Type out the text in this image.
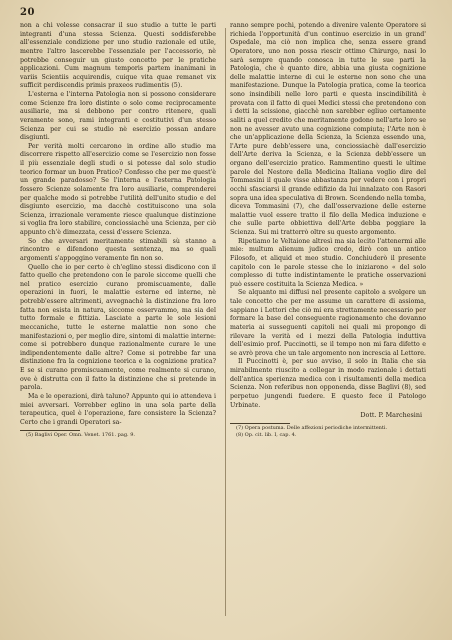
20

non a chi volesse consacrar il suo studio a tutte le parti integranti d'una stessa Scienza. Questi soddisferebbe all'essenziale condizione per uno studio razionale ed utile, mentre l'altro lascerebbe l'essenziale per l'accessorio, nè potrebbe conseguir un giusto concetto per le pratiche applicazioni. Cum magnum temporis partem inanimani in variis Scientiis acquirendis, cuique vita quae remanet vix sufficit perdiscendis primis praxeos rudimentis (5).

L'esterna e l'interna Patologia non si possono considerare come Scienze fra loro distinte o solo come reciprocamente ausiliarie, ma si debbono per contro ritenere, quali veramente sono, rami integranti e costitutivi d'un stesso Scienza per cui se studio nè esercìzio possan andare disgiunti.

Per verità molti cercarono in ordine allo studio ma discorrere rispetto all'esercizio come se l'esercizio non fosse il più essenziale degli studi o si potesse dal solo studio teorico formar un buon Pratico? Confesso che per me quest'è un grande paradosso? Se l'interna e l'esterna Patologia fossero Scienze solamente fra loro ausiliarie, comprenderei per qualche modo si potrebbe l'utilità dell'unito studio e del disgiunto esercizio, ma dacchè costituiscono una sola Scienza, irrazionale veramente riesce qualunque distinzione si voglia fra loro stabilire, conciossiachè una Scienza, per ciò appunto ch'è dimezzata, cessi d'essere Scienza.

So che avversari meritamente stimabili sù stanno a rincontro e difendono questa sentenza, ma so quali argomenti s'appoggino veramente fin non so.

Quello che io per certo è ch'eglino stessi disdicono con il fatto quello che pretendono con le parole siccome quelli che nel pratico esercizio curano promiscuamente, dalle operazioni in fuori, le malattie esterne ed interne, nè potrebb'essere altrimenti, avvegnachè la distinzione fra loro fatta non esista in natura, siccome osservammo, ma sia del tutto formale e fittizia. Lasciate a parte le sole lesioni meccaniche, tutte le esterne malattie non sono che manifestazioni o, per meglio dire, sintomi di malattie interne: come si potrebbero dunque razionalmente curare le une indipendentemente dalle altre? Come si potrebbe far una distinzione fra la cognizione teorica e la cognizione pratica? E se si curano promiscuamente, come realmente si curano, ove è distrutta con il fatto la distinzione che si pretende in parola.

Ma e le operazioni, dirà taluno? Appunto qui io attendeva i miei avversari. Vorrebber eglino in una sola parte della terapeutica, quel è l'operazione, fare consistere la Scienza? Certo che i grandi Operatori sa-

(5) Baglivi Oper. Omn. Venet. 1761. pag. 9.

ranno sempre pochi, potendo a divenire valente Operatore si richieda l'opportunità d'un continuo esercizio in un grand' Ospedale, ma ciò non implica che, senza essere grand Operatore, uno non possa riescir ottimo Chirurgo, nasi lo sarà sempre quando conosca in tutte le sue parti la Patologia, che è quanto dire, abbia una giusta cognizione delle malattie interne di cui le esterne non sono che una manifestazione. Dunque la Patologia pratica, come la teorica sono insindibili nelle loro parti e questa inscindibilità è provata con il fatto di quei Medici stessi che pretendono con i detti la scissione, giacchè non sarebber egliuo certamente saliti a quel credito che meritamente godono nell'arte loro se non ne avesser avuto una cognizione compiuta; l'Arte non è che un'applicazione della Scienza, la Scienza essendo una, l'Arte pure debb'essere una, conciossiachè dall'esercizio dell'Arte deriva la Scienza, e la Scienza debb'essere un organo dell'esercizio pratico. Rammentino questi le ultime parole del Nestore della Medicina Italiana voglio dire del Tommasini il quale visse abbastanza per vedere con i propri occhi sfasciarsi il grande edifizio da lui innalzato con Rasori sopra una idea speculativa di Brown. Scendendo nella tomba, diceva Tommasini (7), che dall'osservazione delle esterne malattie vuol essere tratto il filo della Medica induzione e che sulle parte obbiettiva dell'Arte debba poggiare la Scienza. Sui mi tratterrò oltre su questo argomento.

Ripetiamo le Veltaione altresì ma sia lecito l'attenermi alle mie: multum alienum judico credo, dirò con un antico Filosofo, et aliquid et meo studio. Conchiuderò il presente capitolo con le parole stesse che lo iniziarono « del solo complesso di tutte indistintamente le pratiche osservazioni può essere costituita la Scienza Medica. »

Se alquanto mi diffusi nel presente capitolo a svolgere un tale concetto che per me assume un carattere di assioma, sappiano i Lettori che ciò mi era strettamente necessario per formare la base del conseguente ragionamento che dovanno materia ai susseguenti capitoli nei quali mi propongo di rilevare la verità ed i mezzi della Patologia induttiva dell'esimio prof. Puccinotti, se il tempo non mi fara difetto e se avrò prova che un tale argomento non increscia al Lettore.

Il Puccinotti è, per suo avviso, il solo in Italia che sia mirabilmente riuscito a collegar in modo razionale i dettati dell'antica sperienza medica con i risultamenti della medica Scienza. Non referibus non opponenda, disse Baglivi (8), sed perpetuo jungendi fuedere. E questo fece il Patologo Urbinate.

Dott. P. Marchesini

(7) Opera postuma. Delle affezioni periodiche intermittenti.

(8) Op. cit. lib. I, cap. 4.
